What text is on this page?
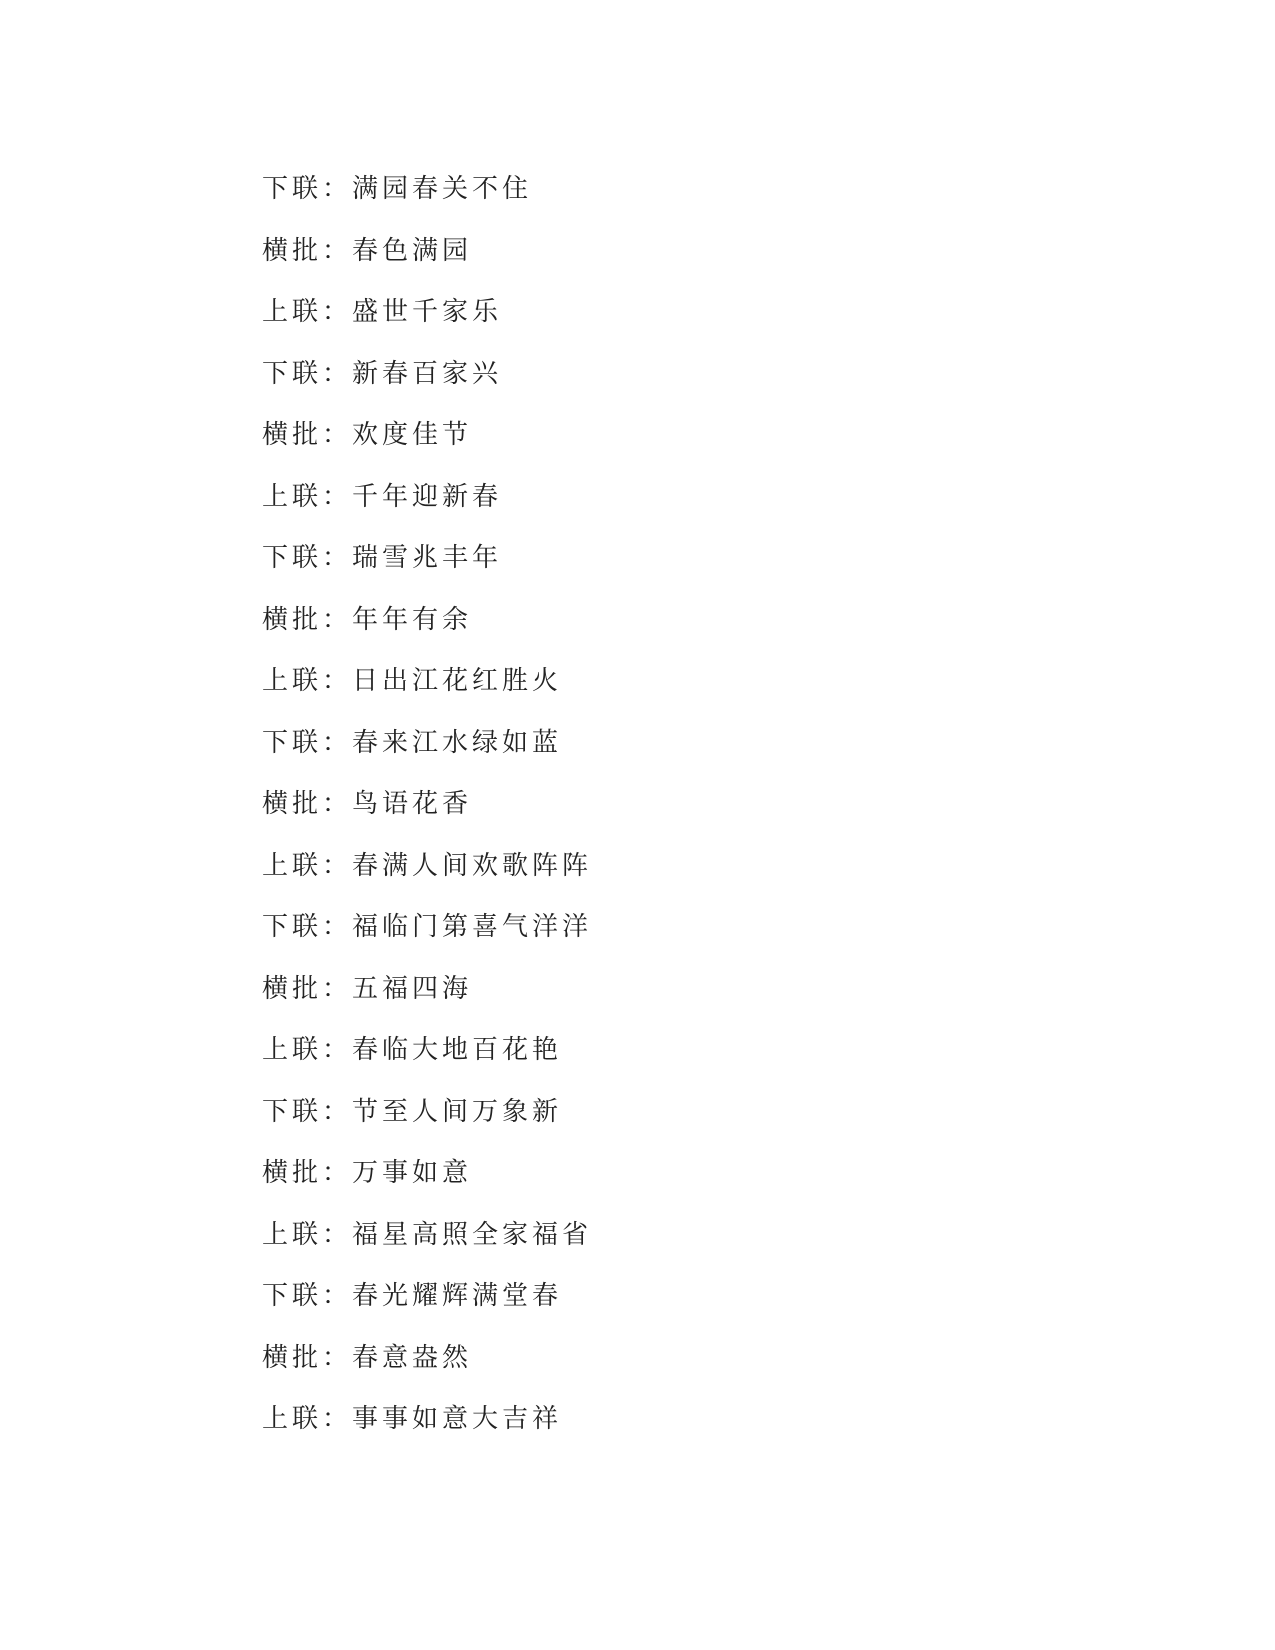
下联：满园春关不住
横批：春色满园
上联：盛世千家乐
下联：新春百家兴
横批：欢度佳节
上联：千年迎新春
下联：瑞雪兆丰年
横批：年年有余
上联：日出江花红胜火
下联：春来江水绿如蓝
横批：鸟语花香
上联：春满人间欢歌阵阵
下联：福临门第喜气洋洋
横批：五福四海
上联：春临大地百花艳
下联：节至人间万象新
横批：万事如意
上联：福星高照全家福省
下联：春光耀辉满堂春
横批：春意盎然
上联：事事如意大吉祥
